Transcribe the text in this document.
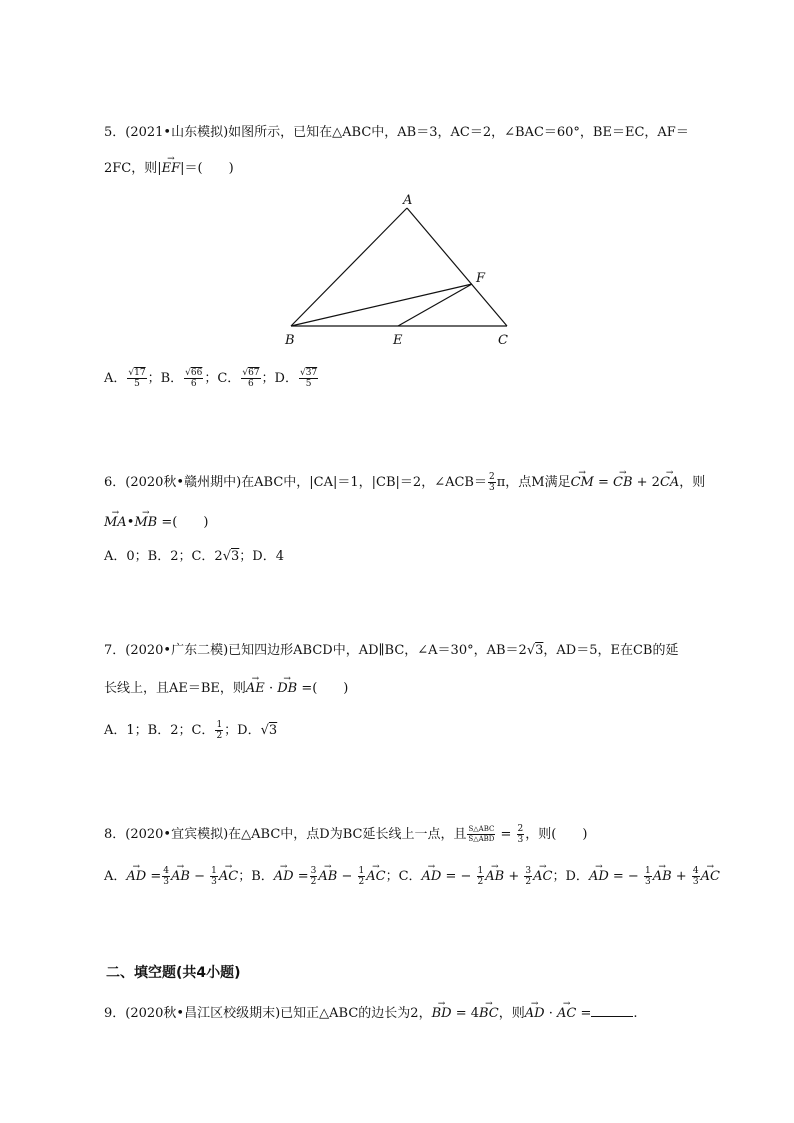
5．(2021•山东模拟)如图所示，已知在△ABC中，AB＝3，AC＝2，∠BAC＝60°，BE＝EC，AF＝
2FC，则|→ EF|＝(　　)
A
B	E	C
F
A． $\frac{√17}{5}$ ；B． $\frac{√66}{6}$ ；C． $\frac{√67}{6}$ ；D． $\frac{√37}{5}$
6．(2020秋•赣州期中)在ABC中，|CA|＝1，|CB|＝2，∠ACB＝ $\frac{2}{3}$ π，点M满足→ CM = → CB + 2→ CA，则
→ MA•→ MB =(　　)
A．0；B．2；C．2√3；D．4
7．(2020•广东二模)已知四边形ABCD中，AD∥BC，∠A＝30°，AB＝2√3，AD＝5，E在CB的延
长线上，且AE＝BE，则→ AE · → DB =(　　)
A．1；B．2；C． $\frac{1}{2}$ ；D．√3
8．(2020•宜宾模拟)在△ABC中，点D为BC延长线上一点，且 $\frac{\text{S△ABC}}{\text{S△ABD}} = \frac{2}{3}$ ，则(　　)
A．→ AD = $\frac{4}{3}$ → AB − $\frac{1}{3}$ → AC；B．→ AD = $\frac{3}{2}$ → AB − $\frac{1}{2}$ → AC；C．→ AD = − $\frac{1}{2}$ → AB + $\frac{3}{2}$ → AC；D．→ AD = − $\frac{1}{3}$ → AB + $\frac{4}{3}$ → AC
二、填空题(共4小题)
9．(2020秋•昌江区校级期末)已知正△ABC的边长为2，→ BD = 4→ BC，则→ AD · → AC =	.
